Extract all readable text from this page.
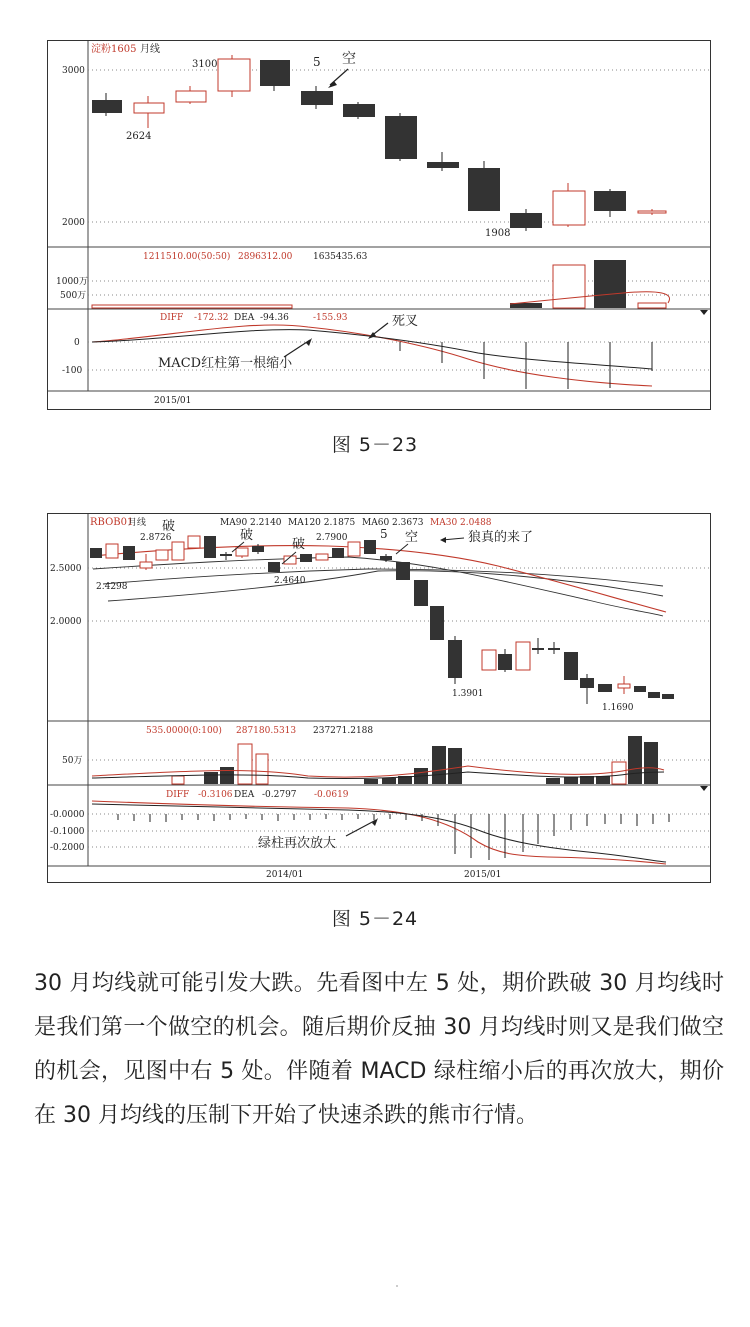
淀粉1605 月线
3000
2000
3100
2624
1908
5 空
1211510.00(50:50) 2896312.00 1635435.63
1000万
500万
DIFF -172.32 DEA -94.36	-155.93
0
-100
死叉
MACD红柱第一根缩小
2015/01
图 5－23
RBOB01
月线	MA90 2.2140 MA120 2.1875 MA60 2.3673 MA30 2.0488
2.5000
2.0000
2.8726
2.4298
2.4640
2.7900
1.3901
1.1690
破
破
破
5 空	狼真的来了
535.0000(0:100) 287180.5313 237271.2188
50万
DIFF -0.3106 DEA -0.2797 -0.0619
-0.0000
-0.1000
-0.2000	绿柱再次放大
2014/01	2015/01
图 5－24
30 月均线就可能引发大跌。先看图中左 5 处，期价跌破 30 月均线时是我们第一个做空的机会。随后期价反抽 30 月均线时则又是我们做空的机会，见图中右 5 处。伴随着 MACD 绿柱缩小后的再次放大，期价在 30 月均线的压制下开始了快速杀跌的熊市行情。
